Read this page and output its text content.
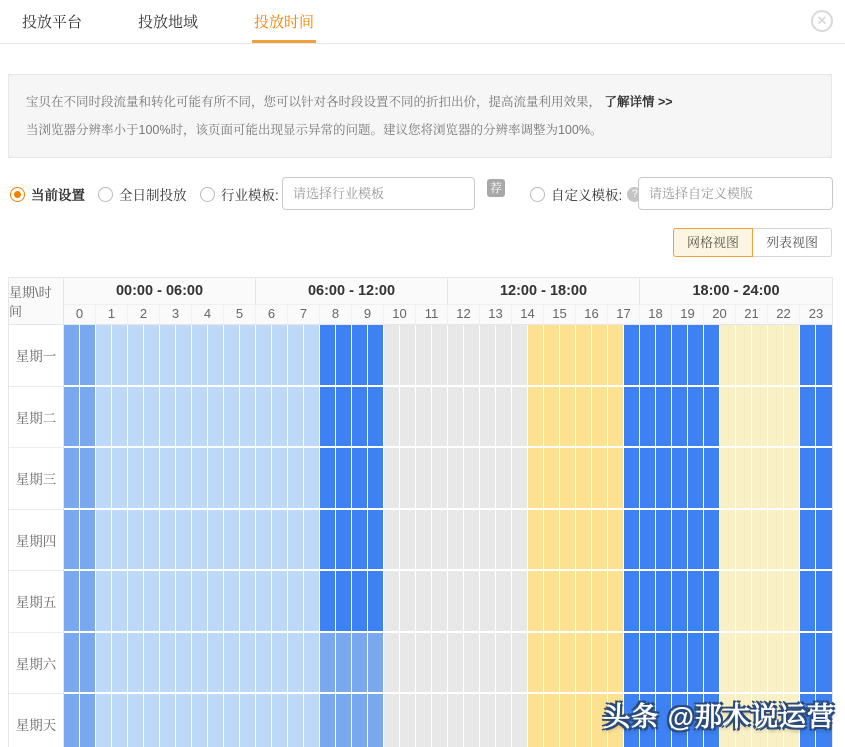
投放平台	投放地域	投放时间	✕
宝贝在不同时段流量和转化可能有所不同，您可以针对各时段设置不同的折扣出价，提高流量利用效果， 了解详情 >>
当浏览器分辨率小于100%时，该页面可能出现显示异常的问题。建议您将浏览器的分辨率调整为100%。
当前设置	全日制投放	行业模板:
请选择行业模板	荐	自定义模板: ?
请选择自定义模版
网格视图	列表视图
星期\时间
00:00 - 06:00	06:00 - 12:00	12:00 - 18:00	18:00 - 24:00
0	1	2	3	4	5	6	7	8	9	10	11	12	13	14	15	16	17	18	19	20	21	22	23
星期一
星期二
星期三
星期四
星期五
星期六
星期天	头条 @那木说运营
